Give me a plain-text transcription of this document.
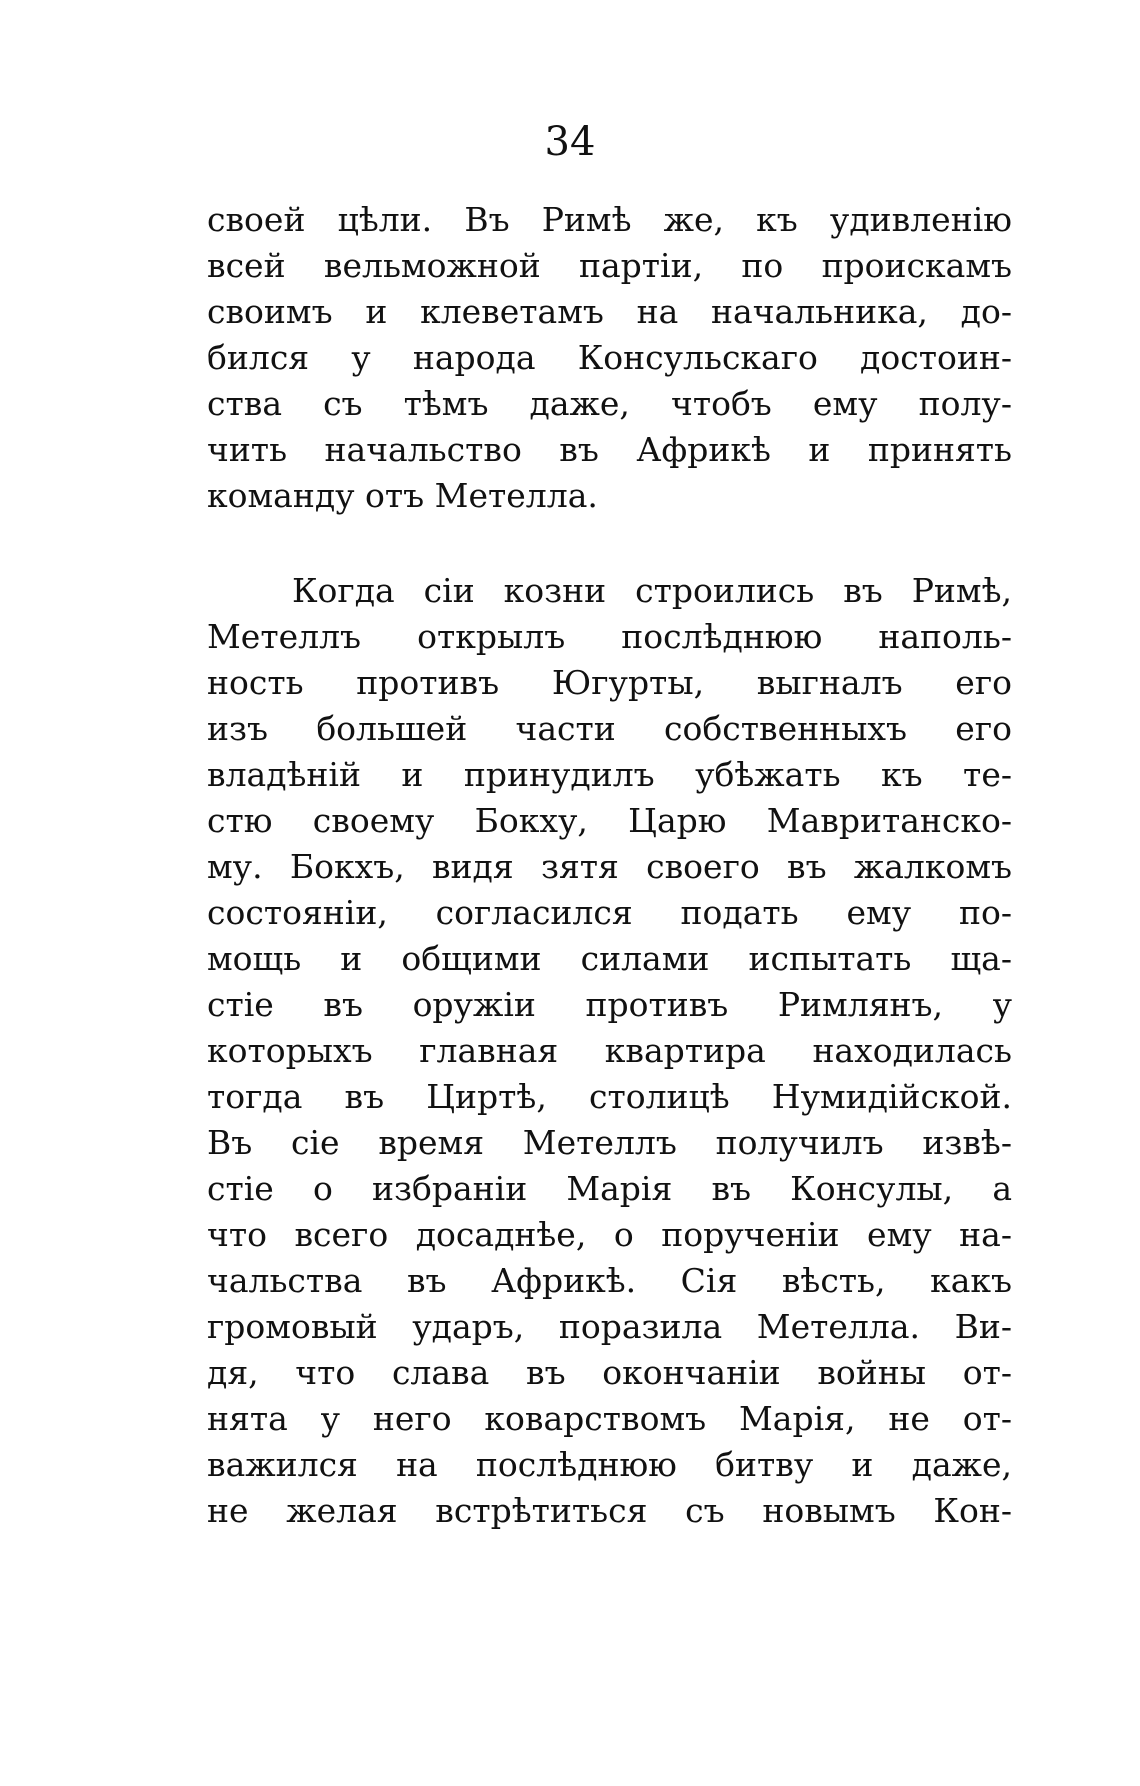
34
своей цѣли. Въ Римѣ же, къ удивленію
всей вельможной партіи, по проискамъ
своимъ и клеветамъ на начальника, до-
бился у народа Консульскаго достоин-
ства съ тѣмъ даже, чтобъ ему полу-
чить начальство въ Африкѣ и принять
команду отъ Метелла.
Когда сіи козни строились въ Римѣ,
Метеллъ открылъ послѣднюю наполь-
ность противъ Югурты, выгналъ его
изъ большей части собственныхъ его
владѣній и принудилъ убѣжать къ те-
стю своему Бокху, Царю Мавританско-
му. Бокхъ, видя зятя своего въ жалкомъ
состояніи, согласился подать ему по-
мощь и общими силами испытать ща-
стіе въ оружіи противъ Римлянъ, у
которыхъ главная квартира находилась
тогда въ Циртѣ, столицѣ Нумидійской.
Въ сіе время Метеллъ получилъ извѣ-
стіе о избраніи Марія въ Консулы, а
что всего досаднѣе, о порученіи ему на-
чальства въ Африкѣ. Сія вѣсть, какъ
громовый ударъ, поразила Метелла. Ви-
дя, что слава въ окончаніи войны от-
нята у него коварствомъ Марія, не от-
важился на послѣднюю битву и даже,
не желая встрѣтиться съ новымъ Кон-
